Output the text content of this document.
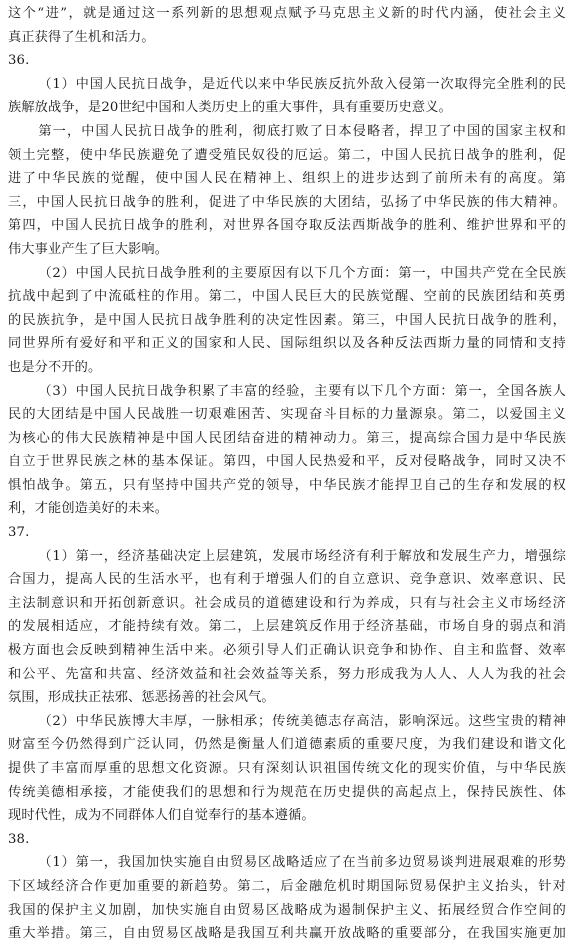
这个“进”，就是通过这一系列新的思想观点赋予马克思主义新的时代内涵，使社会主义
真正获得了生机和活力。
36.
（1）中国人民抗日战争，是近代以来中华民族反抗外敌入侵第一次取得完全胜利的民
族解放战争，是20世纪中国和人类历史上的重大事件，具有重要历史意义。
第一，中国人民抗日战争的胜利，彻底打败了日本侵略者，捍卫了中国的国家主权和
领土完整，使中华民族避免了遭受殖民奴役的厄运。第二，中国人民抗日战争的胜利，促
进了中华民族的觉醒，使中国人民在精神上、组织上的进步达到了前所未有的高度。第
三，中国人民抗日战争的胜利，促进了中华民族的大团结，弘扬了中华民族的伟大精神。
第四，中国人民抗日战争的胜利，对世界各国夺取反法西斯战争的胜利、维护世界和平的
伟大事业产生了巨大影响。
（2）中国人民抗日战争胜利的主要原因有以下几个方面：第一，中国共产党在全民族
抗战中起到了中流砥柱的作用。第二，中国人民巨大的民族觉醒、空前的民族团结和英勇
的民族抗争，是中国人民抗日战争胜利的决定性因素。第三，中国人民抗日战争的胜利，
同世界所有爱好和平和正义的国家和人民、国际组织以及各种反法西斯力量的同情和支持
也是分不开的。
（3）中国人民抗日战争积累了丰富的经验，主要有以下几个方面：第一，全国各族人
民的大团结是中国人民战胜一切艰难困苦、实现奋斗目标的力量源泉。第二，以爱国主义
为核心的伟大民族精神是中国人民团结奋进的精神动力。第三，提高综合国力是中华民族
自立于世界民族之林的基本保证。第四，中国人民热爱和平，反对侵略战争，同时又决不
惧怕战争。第五，只有坚持中国共产党的领导，中华民族才能捍卫自己的生存和发展的权
利，才能创造美好的未来。
37.
（1）第一，经济基础决定上层建筑，发展市场经济有利于解放和发展生产力，增强综
合国力，提高人民的生活水平，也有利于增强人们的自立意识、竞争意识、效率意识、民
主法制意识和开拓创新意识。社会成员的道德建设和行为养成，只有与社会主义市场经济
的发展相适应，才能持续有效。第二，上层建筑反作用于经济基础，市场自身的弱点和消
极方面也会反映到精神生活中来。必须引导人们正确认识竞争和协作、自主和监督、效率
和公平、先富和共富、经济效益和社会效益等关系，努力形成我为人人、人人为我的社会
氛围，形成扶正祛邪、惩恶扬善的社会风气。
（2）中华民族博大丰厚，一脉相承；传统美德志存高洁，影响深远。这些宝贵的精神
财富至今仍然得到广泛认同，仍然是衡量人们道德素质的重要尺度，为我们建设和谐文化
提供了丰富而厚重的思想文化资源。只有深刻认识祖国传统文化的现实价值，与中华民族
传统美德相承接，才能使我们的思想和行为规范在历史提供的高起点上，保持民族性、体
现时代性，成为不同群体人们自觉奉行的基本遵循。
38.
（1）第一，我国加快实施自由贸易区战略适应了在当前多边贸易谈判进展艰难的形势
下区域经济合作更加重要的新趋势。第二，后金融危机时期国际贸易保护主义抬头，针对
我国的保护主义加剧，加快实施自由贸易区战略成为遏制保护主义、拓展经贸合作空间的
重大举措。第三，自由贸易区战略是我国互利共赢开放战略的重要部分，在我国实施更加
